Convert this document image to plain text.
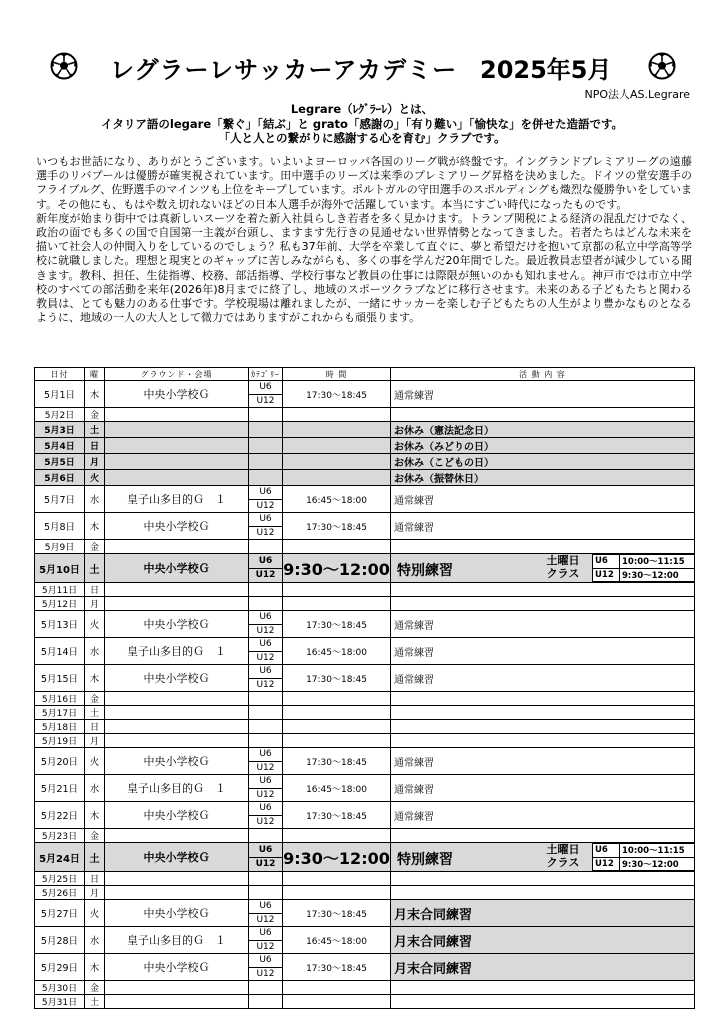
レグラーレサッカーアカデミー 2025年5月
NPO法人AS.Legrare
Legrare（ﾚｸﾞﾗｰﾚ）とは、
イタリア語のlegare「繋ぐ」「結ぶ」と grato「感謝の」「有り難い」「愉快な」を併せた造語です。
「人と人との繋がりに感謝する心を育む」クラブです。

いつもお世話になり、ありがとうございます。いよいよヨーロッパ各国のリーグ戦が終盤です。イングランドプレミアリーグの遠藤選手のリバプールは優勝が確実視されています。田中選手のリーズは来季のプレミアリーグ昇格を決めました。ドイツの堂安選手のフライブルグ、佐野選手のマインツも上位をキープしています。ポルトガルの守田選手のスポルディングも熾烈な優勝争いをしています。その他にも、もはや数え切れないほどの日本人選手が海外で活躍しています。本当にすごい時代になったものです。

新年度が始まり街中では真新しいスーツを着た新入社員らしき若者を多く見かけます。トランプ関税による経済の混乱だけでなく、政治の面でも多くの国で自国第一主義が台頭し、ますます先行きの見通せない世界情勢となってきました。若者たちはどんな未来を描いて社会人の仲間入りをしているのでしょう？私も37年前、大学を卒業して直ぐに、夢と希望だけを抱いて京都の私立中学高等学校に就職しました。理想と現実とのギャップに苦しみながらも、多くの事を学んだ20年間でした。最近教員志望者が減少している聞きます。教科、担任、生徒指導、校務、部活指導、学校行事など教員の仕事には際限が無いのかも知れません。神戸市では市立中学校のすべての部活動を来年(2026年)8月までに終了し、地域のスポーツクラブなどに移行させます。未来のある子どもたちと関わる教員は、とても魅力のある仕事です。学校現場は離れましたが、一緒にサッカーを楽しむ子どもたちの人生がより豊かなものとなるように、地域の一人の大人として微力ではありますがこれからも頑張ります。

日付	曜	グラウンド・会場	ｶﾃｺﾞﾘｰ	時 間	活 動 内 容
5月1日	木	中央小学校Ｇ	
U6
U12	17:30～18:45	通常練習
5月2日	金				
5月3日	土				お休み（憲法記念日）
5月4日	日				お休み（みどりの日）
5月5日	月				お休み（こどもの日）
5月6日	火				お休み（振替休日）
5月7日	水	皇子山多目的Ｇ　１	
U6
U12	16:45～18:00	通常練習
5月8日	木	中央小学校Ｇ	
U6
U12	17:30～18:45	通常練習
5月9日	金				
5月10日	土	中央小学校Ｇ	
U6
U12	9:30～12:00	特別練習
土曜日
クラス
U6	10:00～11:15
U12	9:30～12:00

5月11日	日				
5月12日	月				
5月13日	火	中央小学校Ｇ	
U6
U12	17:30～18:45	通常練習
5月14日	水	皇子山多目的Ｇ　１	
U6
U12	16:45～18:00	通常練習
5月15日	木	中央小学校Ｇ	
U6
U12	17:30～18:45	通常練習
5月16日	金				
5月17日	土				
5月18日	日				
5月19日	月				
5月20日	火	中央小学校Ｇ	
U6
U12	17:30～18:45	通常練習
5月21日	水	皇子山多目的Ｇ　１	
U6
U12	16:45～18:00	通常練習
5月22日	木	中央小学校Ｇ	
U6
U12	17:30～18:45	通常練習
5月23日	金				
5月24日	土	中央小学校Ｇ	
U6
U12	9:30～12:00	特別練習
土曜日
クラス
U6	10:00～11:15
U12	9:30～12:00

5月25日	日				
5月26日	月				
5月27日	火	中央小学校Ｇ	
U6
U12	17:30～18:45	月末合同練習
5月28日	水	皇子山多目的Ｇ　１	
U6
U12	16:45～18:00	月末合同練習
5月29日	木	中央小学校Ｇ	
U6
U12	17:30～18:45	月末合同練習
5月30日	金				
5月31日	土				
